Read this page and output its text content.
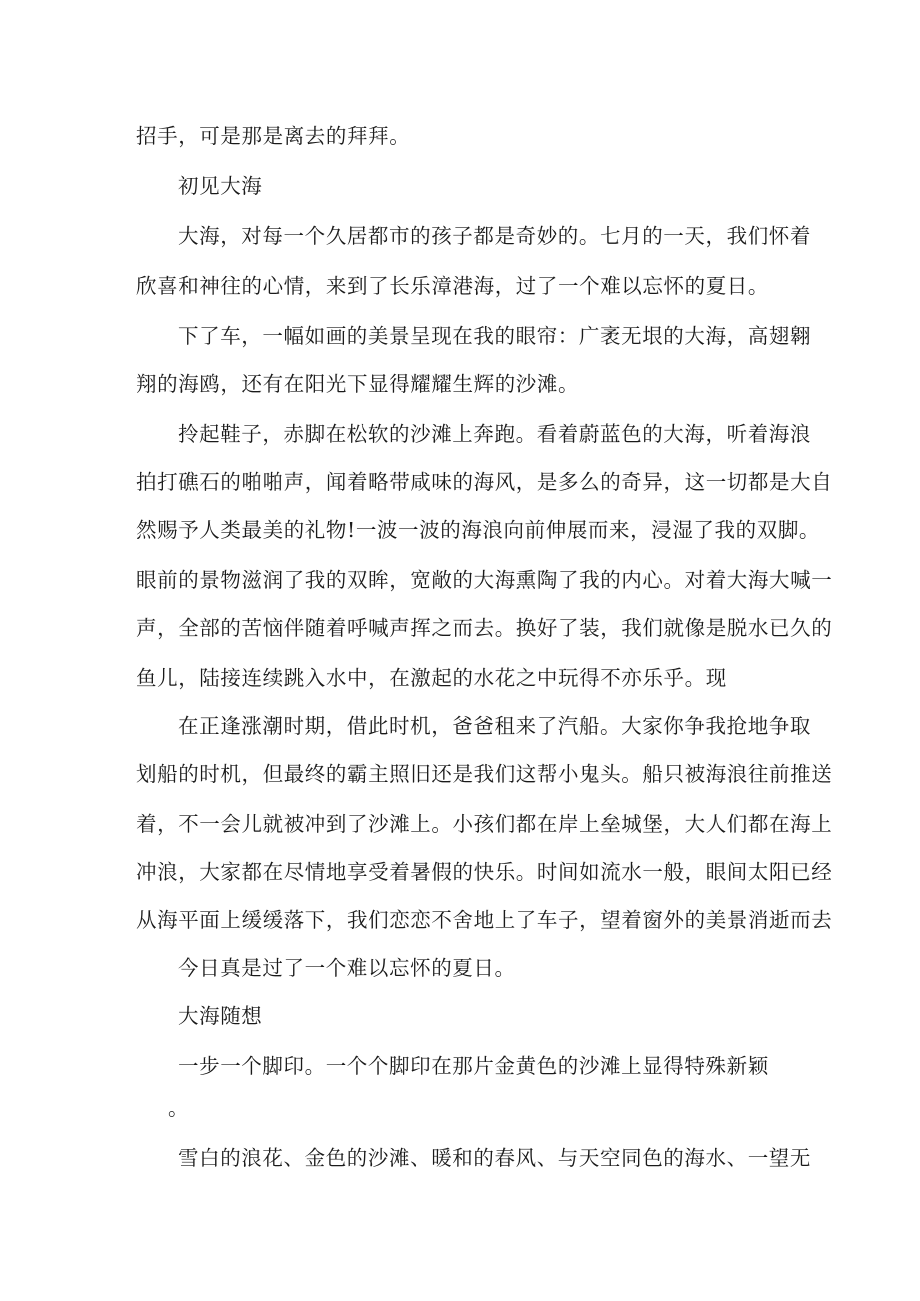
招手，可是那是离去的拜拜。
初见大海
大海，对每一个久居都市的孩子都是奇妙的。七月的一天，我们怀着
欣喜和神往的心情，来到了长乐漳港海，过了一个难以忘怀的夏日。
下了车，一幅如画的美景呈现在我的眼帘：广袤无垠的大海，高翅翱
翔的海鸥，还有在阳光下显得耀耀生辉的沙滩。
拎起鞋子，赤脚在松软的沙滩上奔跑。看着蔚蓝色的大海，听着海浪
拍打礁石的啪啪声，闻着略带咸味的海风，是多么的奇异，这一切都是大自
然赐予人类最美的礼物!一波一波的海浪向前伸展而来，浸湿了我的双脚。
眼前的景物滋润了我的双眸，宽敞的大海熏陶了我的内心。对着大海大喊一
声，全部的苦恼伴随着呼喊声挥之而去。换好了装，我们就像是脱水已久的
鱼儿，陆接连续跳入水中，在激起的水花之中玩得不亦乐乎。现
在正逢涨潮时期，借此时机，爸爸租来了汽船。大家你争我抢地争取
划船的时机，但最终的霸主照旧还是我们这帮小鬼头。船只被海浪往前推送
着，不一会儿就被冲到了沙滩上。小孩们都在岸上垒城堡，大人们都在海上
冲浪，大家都在尽情地享受着暑假的快乐。时间如流水一般，眼间太阳已经
从海平面上缓缓落下，我们恋恋不舍地上了车子，望着窗外的美景消逝而去
今日真是过了一个难以忘怀的夏日。
大海随想
一步一个脚印。一个个脚印在那片金黄色的沙滩上显得特殊新颖
。
雪白的浪花、金色的沙滩、暖和的春风、与天空同色的海水、一望无
